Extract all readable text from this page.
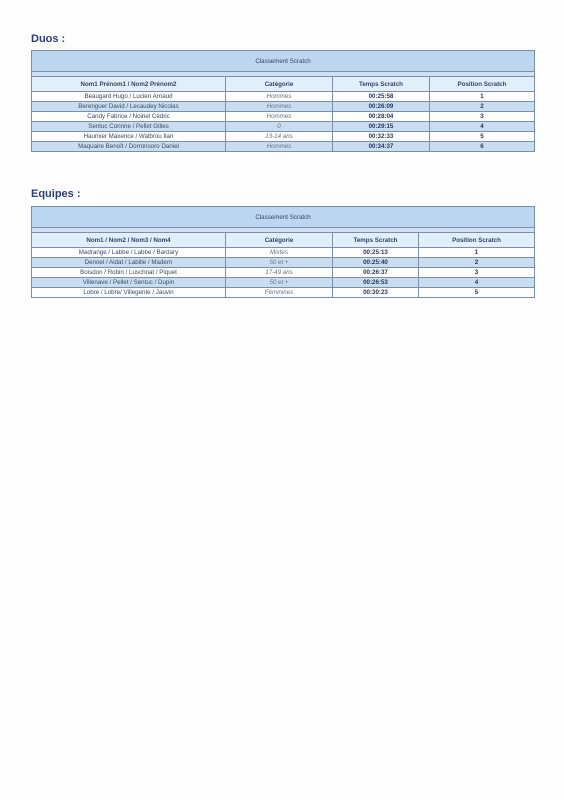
Duos :
Classement Scratch			

Nom1 Prénom1 / Nom2 Prénom2	Catégorie	Temps Scratch	Position Scratch
Beaugard Hugo / Lucien Arnaud	Hommes	00:25:58	1
Berenguer David / Lecaudey Nicolas	Hommes	00:26:09	2
Candy Fabrice / Noiriel Cédric	Hommes	00:28:04	3
Sentuc Corinne / Pellet Gilles	0	00:29:15	4
Haumier Maxence / Walbrou Ilan	13-14 ans	00:32:33	5
Maquaire Benoît / Dorronsoro Daniel	Hommes	00:34:37	6
Equipes :
Classement Scratch			

Nom1 / Nom2 / Nom3 / Nom4	Catégorie	Temps Scratch	Position Scratch
Madrange / Labbe / Labbe / Bardary	Mixtes	00:25:13	1
Denoel / Aidat / Labille / Madern	50 et +	00:25:40	2
Boisdon / Robin / Luschnat / Piquet	17-49 ans	00:26:37	3
Villenave / Pellet / Sentuc / Dupin	50 et +	00:26:53	4
Lobre / Lobre/ Villegente / Jauvin	Féminines	00:30:23	5
